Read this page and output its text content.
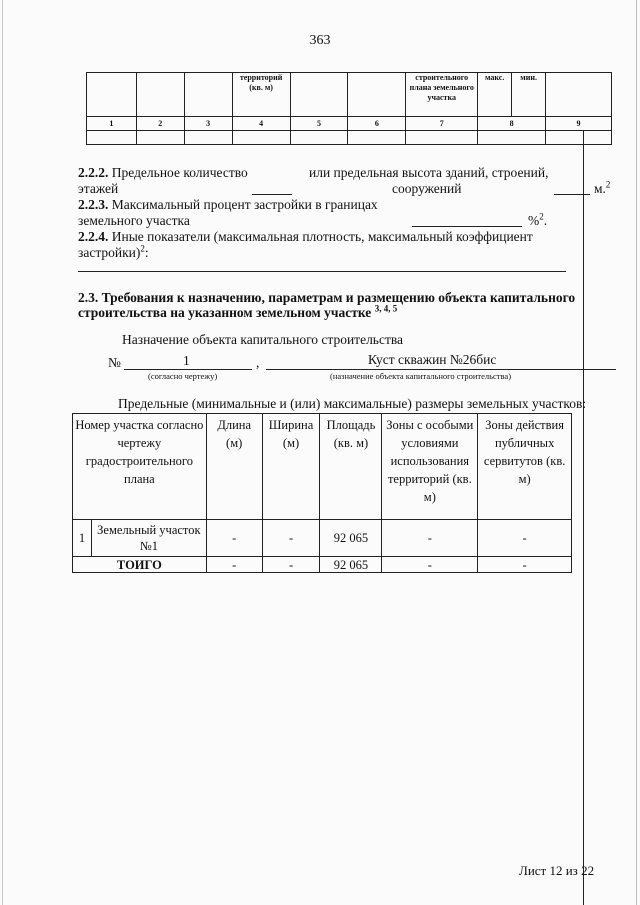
363
			территорий (кв. м)			строительного плана земельного участка	макс.	мин.	
1	2	3	4	5	6	7	8		9

2.2.2. Предельное количество	или предельная высота зданий, строений,
этажей	сооружений	м.$^2$
2.2.3. Максимальный процент застройки в границах
земельного участка	%$^2$.
2.2.4. Иные показатели (максимальная плотность, максимальный коэффициент
застройки)$^2$:
2.3. Требования к назначению, параметрам и размещению объекта капитального
строительства на указанном земельном участке $^{3, 4, 5}$
Назначение объекта капитального строительства
№	1	,	Куст скважин №26бис
(согласно чертежу)	(назначение объекта капитального строительства)
Предельные (минимальные и (или) максимальные) размеры земельных участков:
Номер участка согласно чертежу градостроительного плана		Длина (м)	Ширина (м)	Площадь (кв. м)	Зоны с особыми условиями использования территорий (кв. м)	Зоны действия публичных сервитутов (кв. м)
1	Земельный участок №1	-	-	92 065	-	-
ТОИГО		-	-	92 065	-	-
Лист 12 из 22
